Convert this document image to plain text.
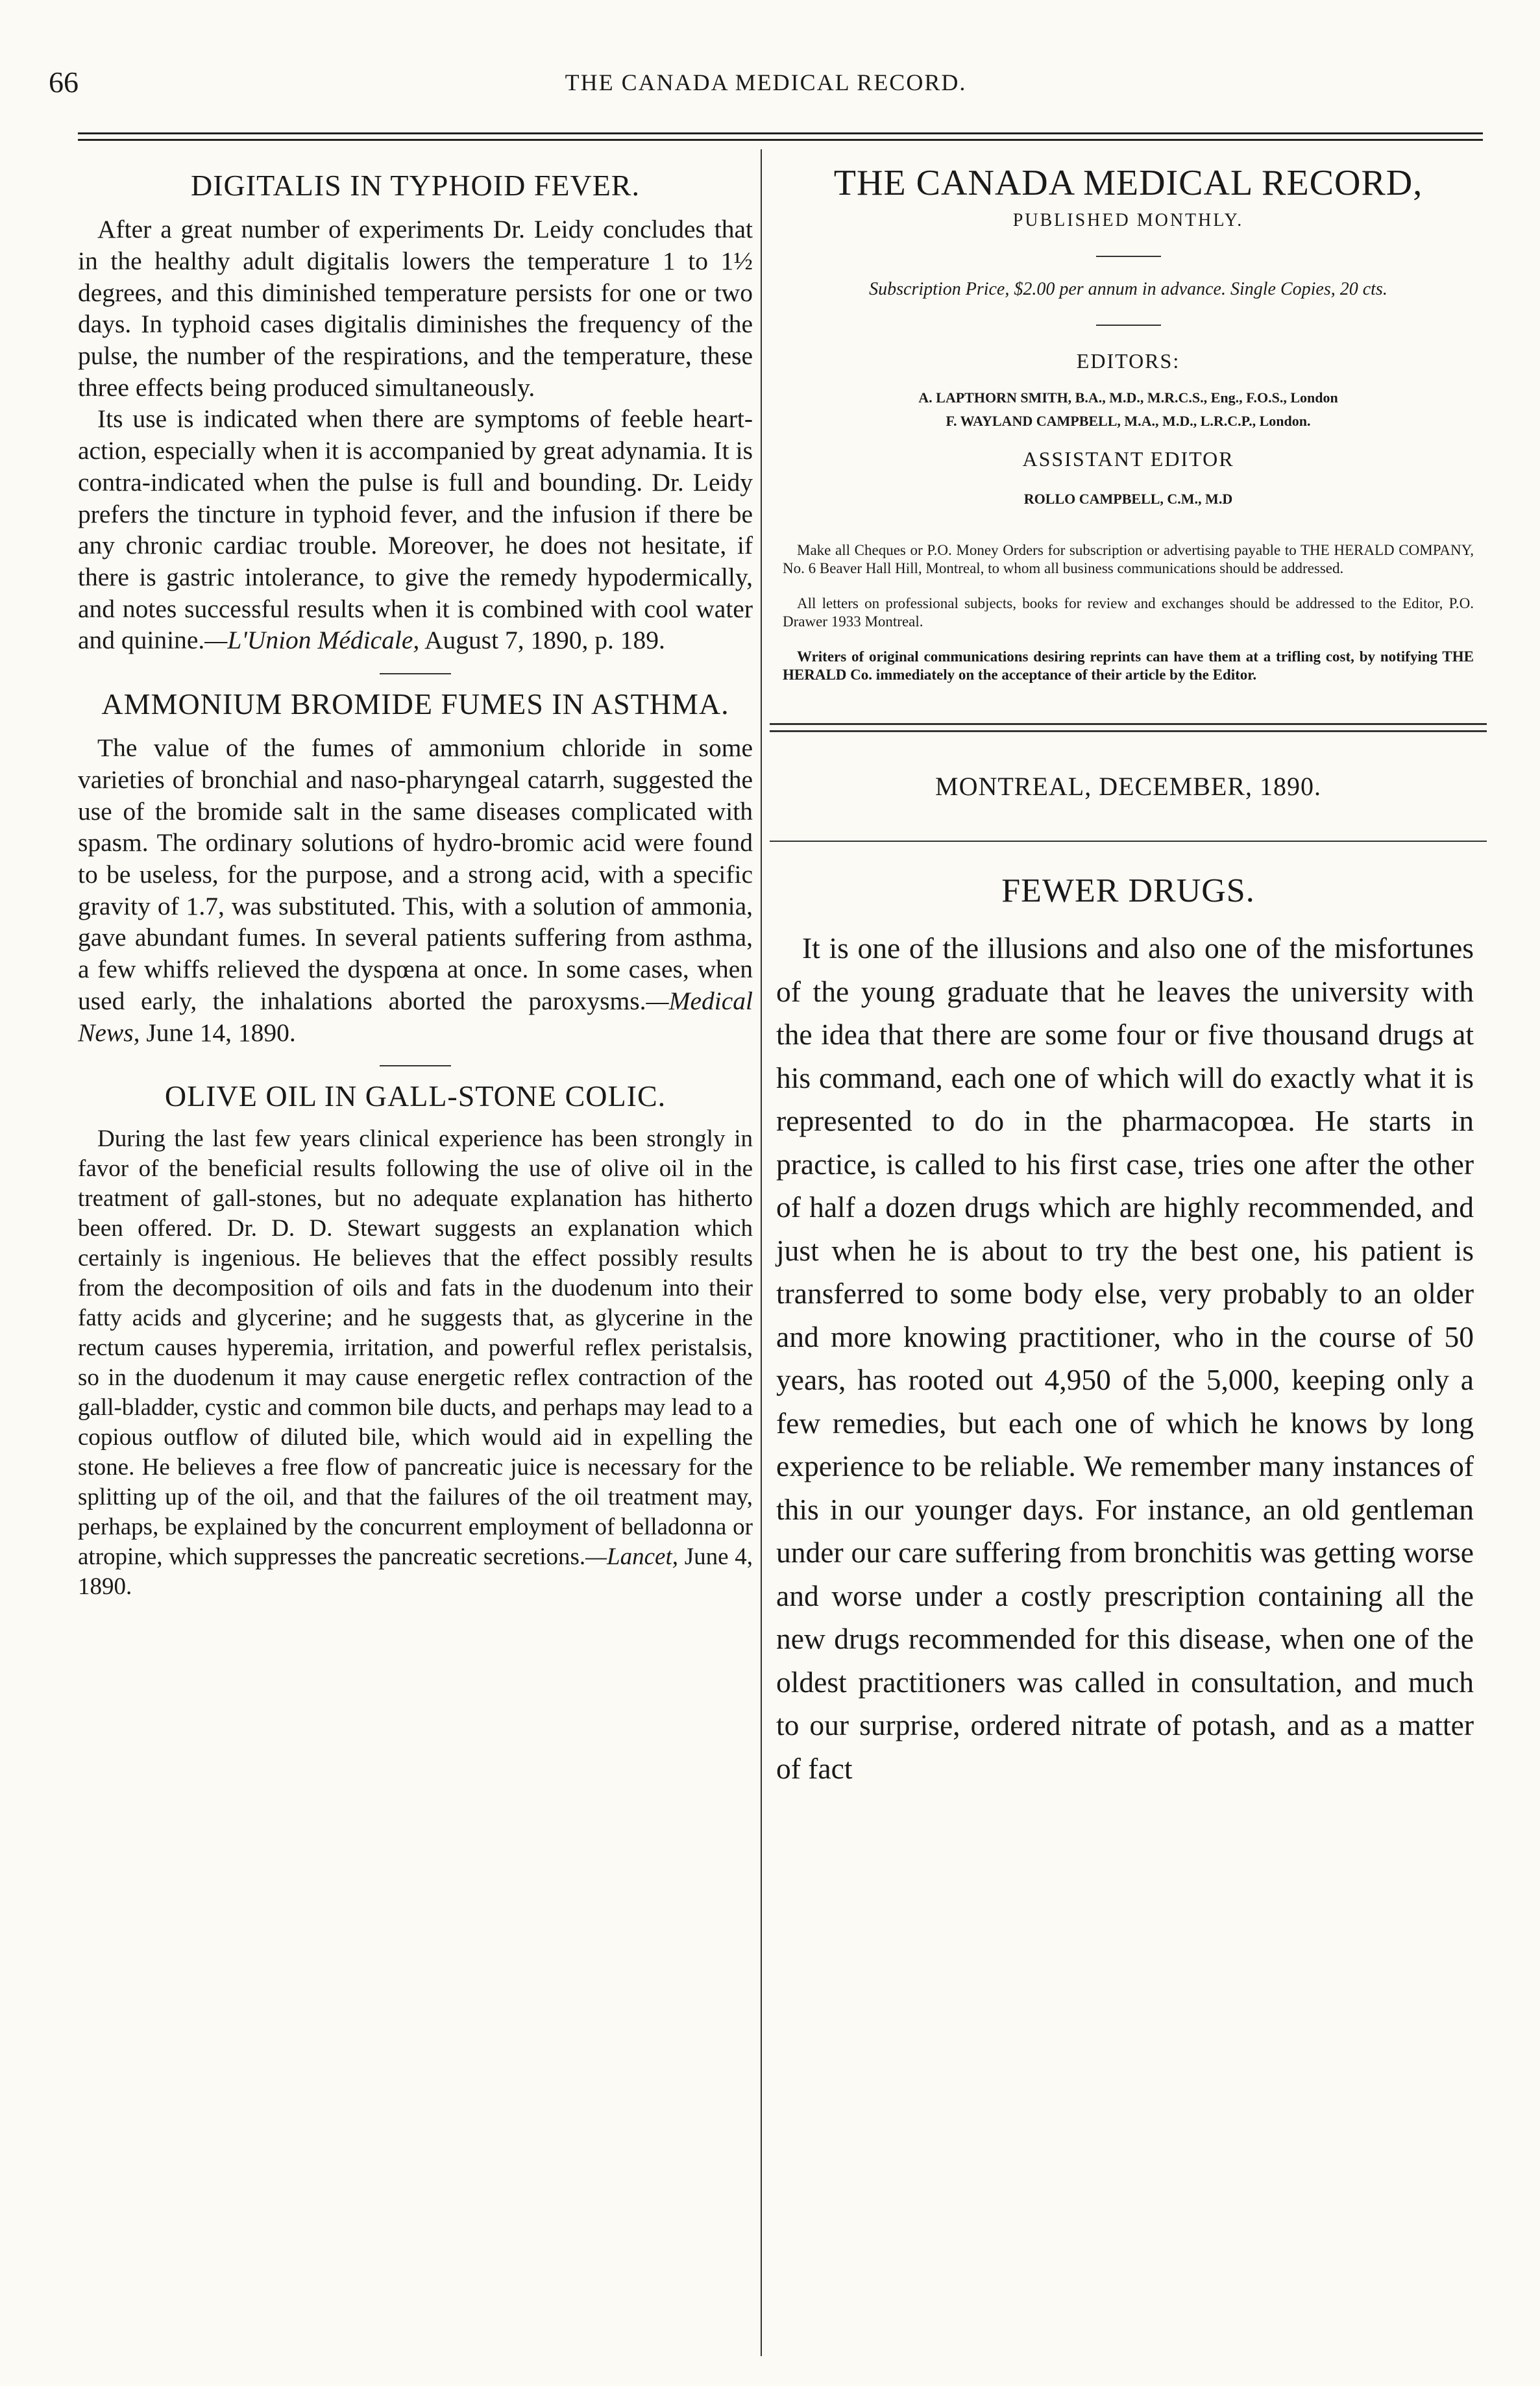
66	THE CANADA MEDICAL RECORD.
DIGITALIS IN TYPHOID FEVER.

After a great number of experiments Dr. Leidy concludes that in the healthy adult digitalis lowers the temperature 1 to 1½ degrees, and this diminished temperature persists for one or two days. In typhoid cases digitalis diminishes the frequency of the pulse, the number of the respirations, and the temperature, these three effects being produced simultaneously.

Its use is indicated when there are symptoms of feeble heart-action, especially when it is accompanied by great adynamia. It is contra-indicated when the pulse is full and bounding. Dr. Leidy prefers the tincture in typhoid fever, and the infusion if there be any chronic cardiac trouble. Moreover, he does not hesitate, if there is gastric intolerance, to give the remedy hypodermically, and notes successful results when it is combined with cool water and quinine.—L'Union Médicale, August 7, 1890, p. 189.

AMMONIUM BROMIDE FUMES IN ASTHMA.

The value of the fumes of ammonium chloride in some varieties of bronchial and naso-pharyngeal catarrh, suggested the use of the bromide salt in the same diseases complicated with spasm. The ordinary solutions of hydro-bromic acid were found to be useless, for the purpose, and a strong acid, with a specific gravity of 1.7, was substituted. This, with a solution of ammonia, gave abundant fumes. In several patients suffering from asthma, a few whiffs relieved the dyspœna at once. In some cases, when used early, the inhalations aborted the paroxysms.—Medical News, June 14, 1890.

OLIVE OIL IN GALL-STONE COLIC.

During the last few years clinical experience has been strongly in favor of the beneficial results following the use of olive oil in the treatment of gall-stones, but no adequate explanation has hitherto been offered. Dr. D. D. Stewart suggests an explanation which certainly is ingenious. He believes that the effect possibly results from the decomposition of oils and fats in the duodenum into their fatty acids and glycerine; and he suggests that, as glycerine in the rectum causes hyperemia, irritation, and powerful reflex peristalsis, so in the duodenum it may cause energetic reflex contraction of the gall-bladder, cystic and common bile ducts, and perhaps may lead to a copious outflow of diluted bile, which would aid in expelling the stone. He believes a free flow of pancreatic juice is necessary for the splitting up of the oil, and that the failures of the oil treatment may, perhaps, be explained by the concurrent employment of belladonna or atropine, which suppresses the pancreatic secretions.—Lancet, June 4, 1890.

THE CANADA MEDICAL RECORD,
PUBLISHED MONTHLY.
Subscription Price, $2.00 per annum in advance. Single Copies, 20 cts.
EDITORS:
A. LAPTHORN SMITH, B.A., M.D., M.R.C.S., Eng., F.O.S., London
F. WAYLAND CAMPBELL, M.A., M.D., L.R.C.P., London.
ASSISTANT EDITOR
ROLLO CAMPBELL, C.M., M.D

Make all Cheques or P.O. Money Orders for subscription or advertising payable to THE HERALD COMPANY, No. 6 Beaver Hall Hill, Montreal, to whom all business communications should be addressed.

All letters on professional subjects, books for review and exchanges should be addressed to the Editor, P.O. Drawer 1933 Montreal.

Writers of original communications desiring reprints can have them at a trifling cost, by notifying THE HERALD Co. immediately on the acceptance of their article by the Editor.

MONTREAL, DECEMBER, 1890.
FEWER DRUGS.

It is one of the illusions and also one of the misfortunes of the young graduate that he leaves the university with the idea that there are some four or five thousand drugs at his command, each one of which will do exactly what it is represented to do in the pharmacopœa. He starts in practice, is called to his first case, tries one after the other of half a dozen drugs which are highly recommended, and just when he is about to try the best one, his patient is transferred to some body else, very probably to an older and more knowing practitioner, who in the course of 50 years, has rooted out 4,950 of the 5,000, keeping only a few remedies, but each one of which he knows by long experience to be reliable. We remember many instances of this in our younger days. For instance, an old gentleman under our care suffering from bronchitis was getting worse and worse under a costly prescription containing all the new drugs recommended for this disease, when one of the oldest practitioners was called in consultation, and much to our surprise, ordered nitrate of potash, and as a matter of fact
